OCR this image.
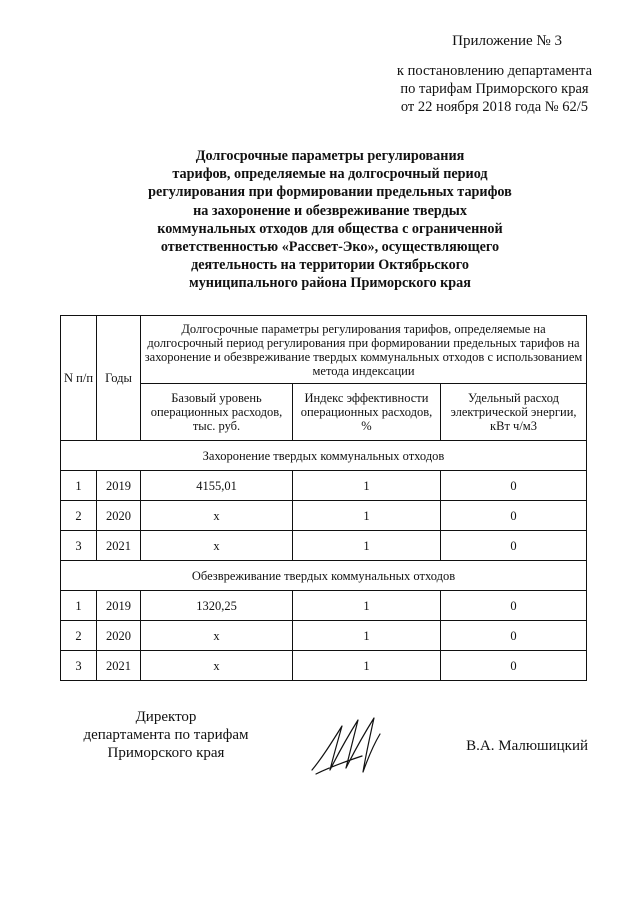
Приложение № 3
к постановлению департамента
по тарифам Приморского края
от 22 ноября 2018 года № 62/5
Долгосрочные параметры регулирования
тарифов, определяемые на долгосрочный период
регулирования при формировании предельных тарифов
на захоронение и обезвреживание твердых
коммунальных отходов для общества с ограниченной
ответственностью «Рассвет-Эко», осуществляющего
деятельность на территории Октябрьского
муниципального района Приморского края
N п/п	Годы	Долгосрочные параметры регулирования тарифов, определяемые на долгосрочный период регулирования при формировании предельных тарифов на захоронение и обезвреживание твердых коммунальных отходов с использованием метода индексации		
		Базовый уровень операционных расходов, тыс. руб.	Индекс эффективности операционных расходов, %	Удельный расход электрической энергии, кВт ч/м3
Захоронение твердых коммунальных отходов				
1	2019	4155,01	1	0
2	2020	х	1	0
3	2021	х	1	0
Обезвреживание твердых коммунальных отходов				
1	2019	1320,25	1	0
2	2020	х	1	0
3	2021	х	1	0
Директор
департамента по тарифам
Приморского края	В.А. Малюшицкий
